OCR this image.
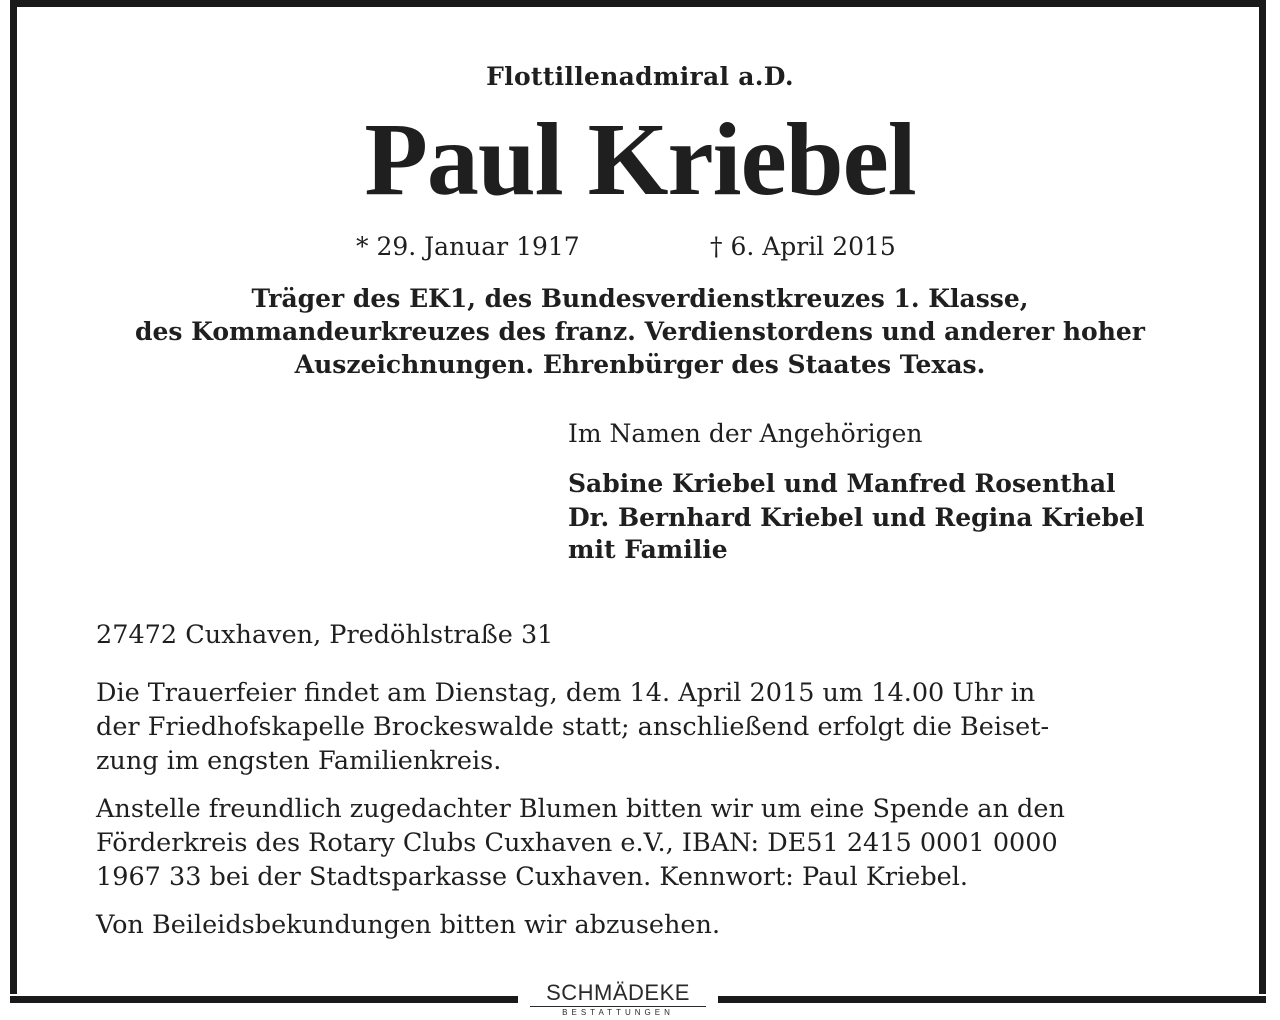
Flottillenadmiral a.D.
Paul Kriebel
* 29. Januar 1917	† 6. April 2015
Träger des EK1, des Bundesverdienstkreuzes 1. Klasse,
des Kommandeurkreuzes des franz. Verdienstordens und anderer hoher
Auszeichnungen. Ehrenbürger des Staates Texas.
Im Namen der Angehörigen
Sabine Kriebel und Manfred Rosenthal
Dr. Bernhard Kriebel und Regina Kriebel
mit Familie
27472 Cuxhaven, Predöhlstraße 31
Die Trauerfeier findet am Dienstag, dem 14. April 2015 um 14.00 Uhr in
der Friedhofskapelle Brockeswalde statt; anschließend erfolgt die Beiset-
zung im engsten Familienkreis.
Anstelle freundlich zugedachter Blumen bitten wir um eine Spende an den
Förderkreis des Rotary Clubs Cuxhaven e.V., IBAN: DE51 2415 0001 0000
1967 33 bei der Stadtsparkasse Cuxhaven. Kennwort: Paul Kriebel.
Von Beileidsbekundungen bitten wir abzusehen.
SCHMÄDEKE
BESTATTUNGEN
